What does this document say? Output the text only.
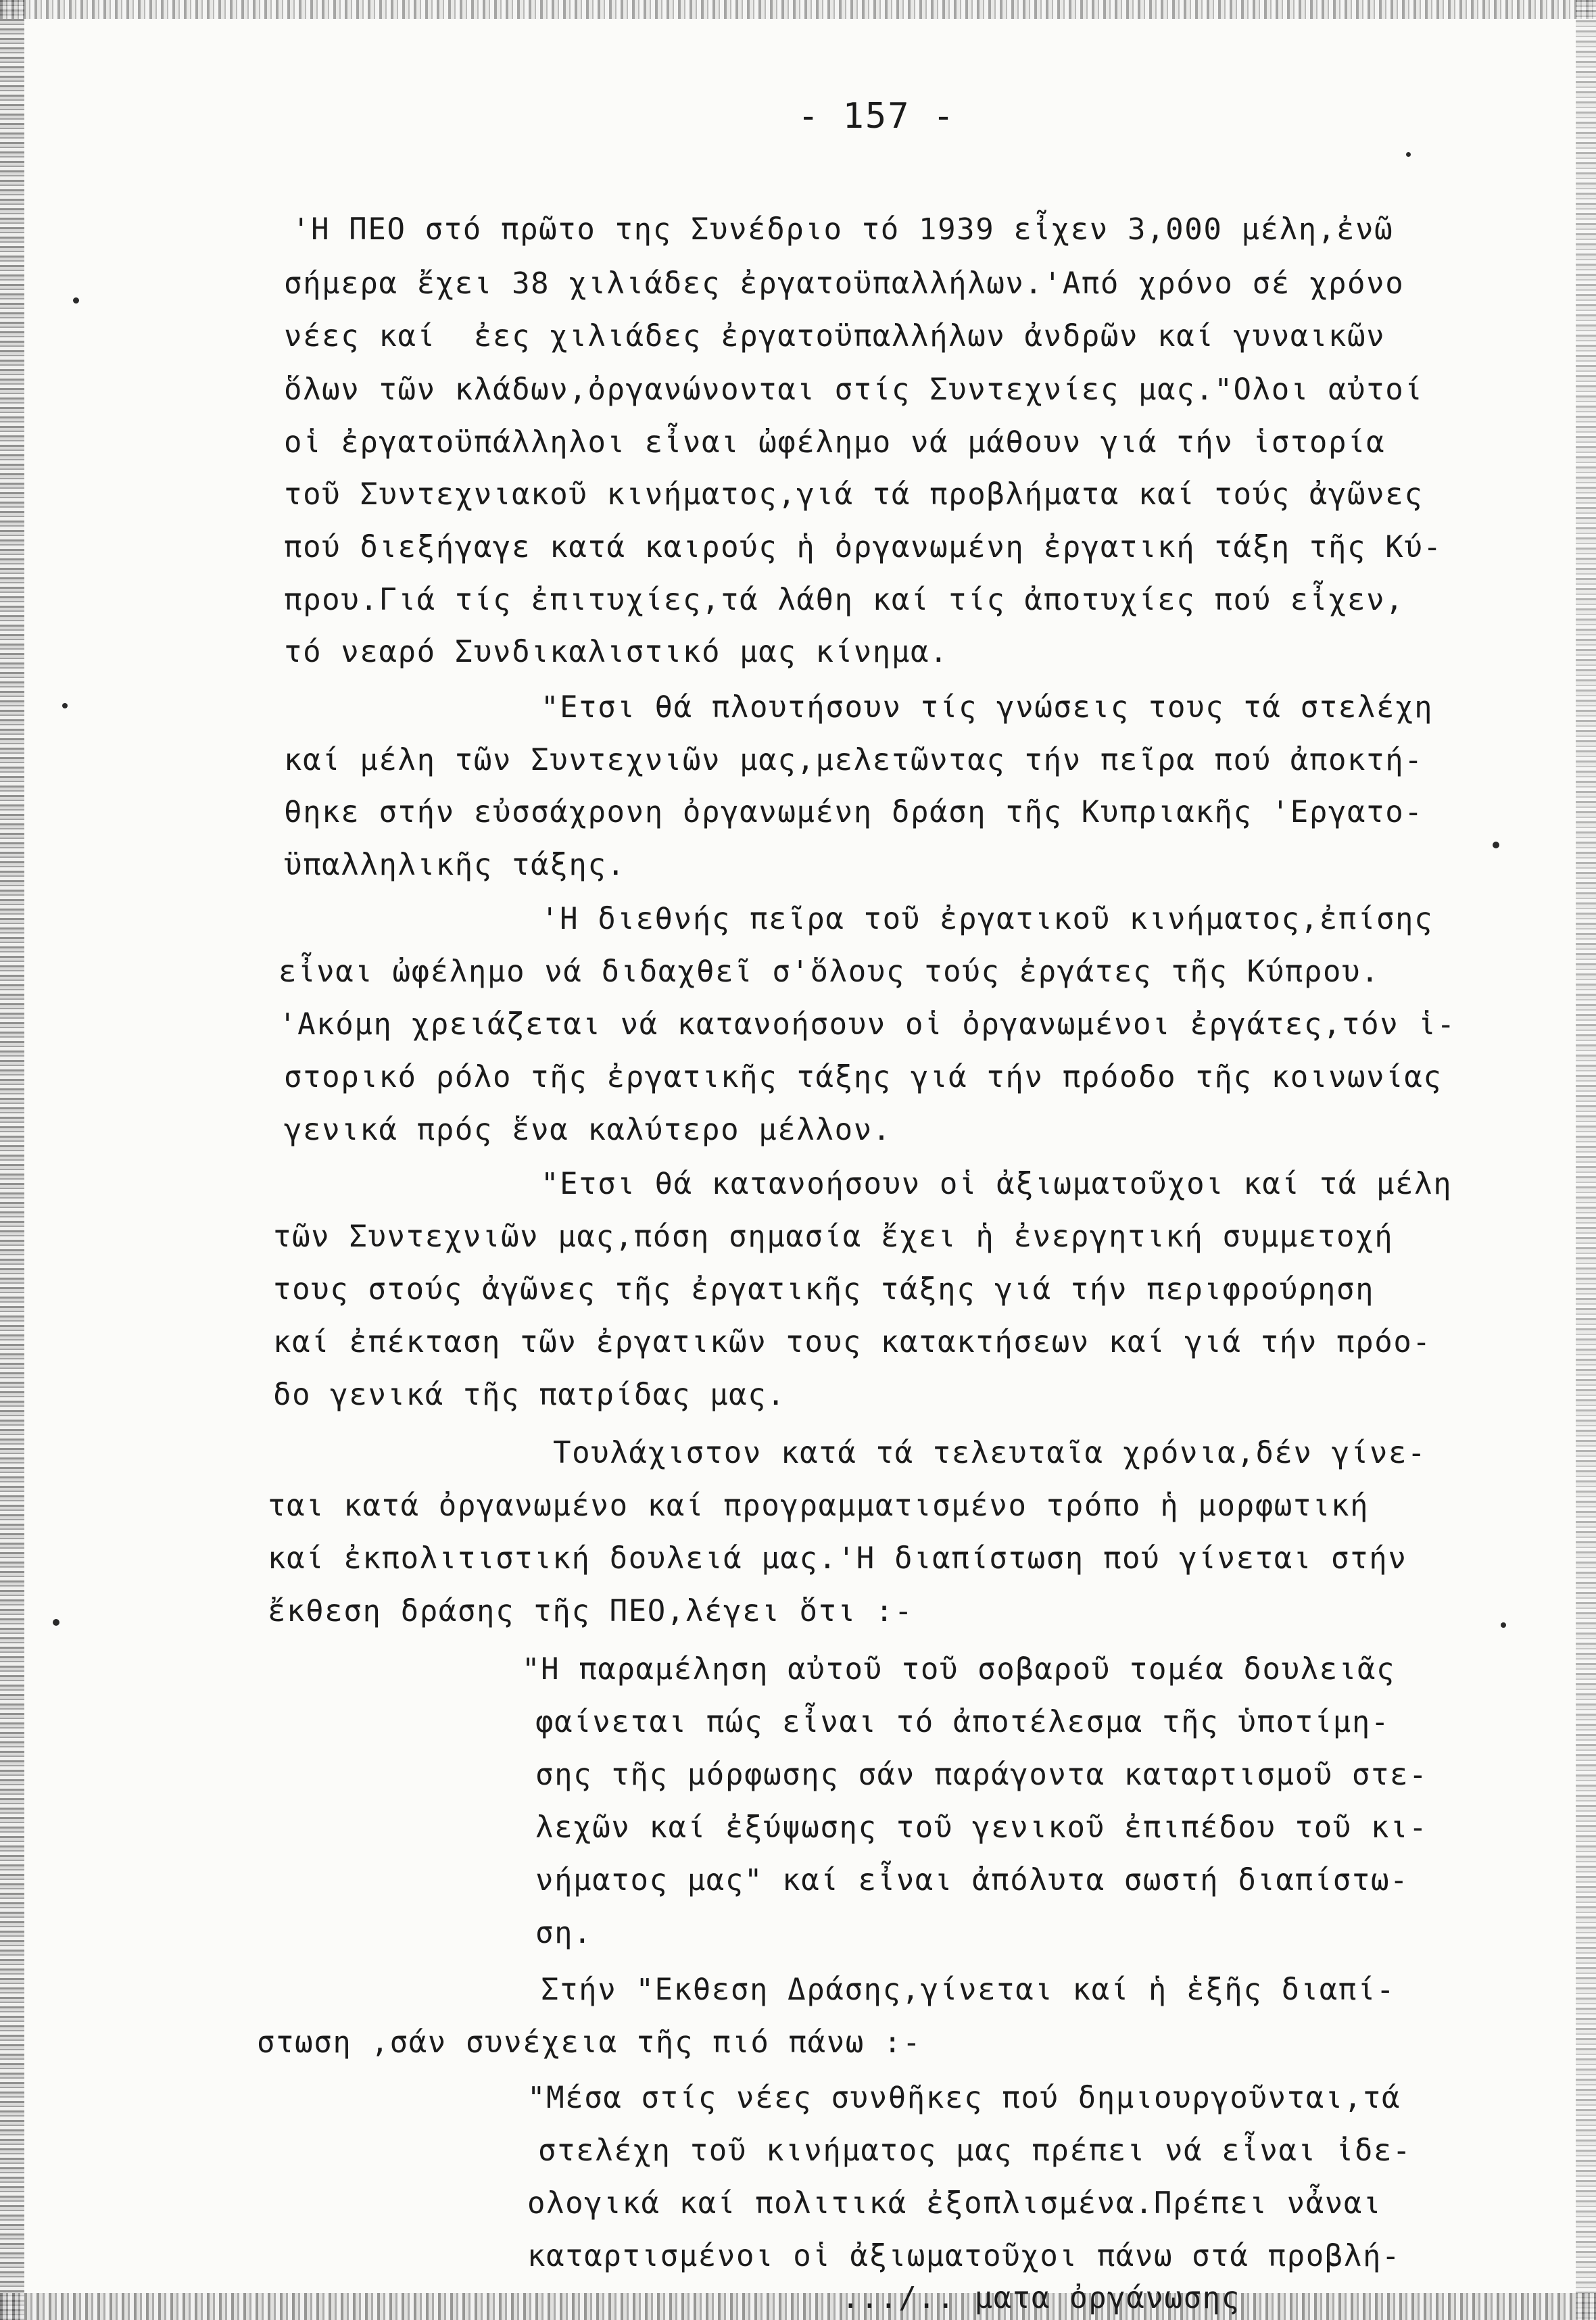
- 157 -
'Η ΠΕΟ στό πρῶτο της Συνέδριο τό 1939 εἶχεν 3,000 μέλη,ἐνῶ
σήμερα ἔχει 38 χιλιάδες ἐργατοϋπαλλήλων.'Από χρόνο σέ χρόνο
νέες καί  ἐες χιλιάδες ἐργατοϋπαλλήλων ἀνδρῶν καί γυναικῶν
ὅλων τῶν κλάδων,ὀργανώνονται στίς Συντεχνίες μας."Ολοι αὐτοί
οἱ ἐργατοϋπάλληλοι εἶναι ὠφέλημο νά μάθουν γιά τήν ἱστορία
τοῦ Συντεχνιακοῦ κινήματος,γιά τά προβλήματα καί τούς ἀγῶνες
πού διεξήγαγε κατά καιρούς ἡ ὀργανωμένη ἐργατική τάξη τῆς Κύ-
πρου.Γιά τίς ἐπιτυχίες,τά λάθη καί τίς ἀποτυχίες πού εἶχεν,
τό νεαρό Συνδικαλιστικό μας κίνημα.
"Ετσι θά πλουτήσουν τίς γνώσεις τους τά στελέχη
καί μέλη τῶν Συντεχνιῶν μας,μελετῶντας τήν πεῖρα πού ἀποκτή-
θηκε στήν εὐσσάχρονη ὀργανωμένη δράση τῆς Κυπριακῆς 'Εργατο-
ϋπαλληλικῆς τάξης.
'Η διεθνής πεῖρα τοῦ ἐργατικοῦ κινήματος,ἐπίσης
εἶναι ὠφέλημο νά διδαχθεῖ σ'ὅλους τούς ἐργάτες τῆς Κύπρου.
'Ακόμη χρειάζεται νά κατανοήσουν οἱ ὀργανωμένοι ἐργάτες,τόν ἱ-
στορικό ρόλο τῆς ἐργατικῆς τάξης γιά τήν πρόοδο τῆς κοινωνίας
γενικά πρός ἕνα καλύτερο μέλλον.
"Ετσι θά κατανοήσουν οἱ ἀξιωματοῦχοι καί τά μέλη
τῶν Συντεχνιῶν μας,πόση σημασία ἔχει ἡ ἐνεργητική συμμετοχή
τους στούς ἀγῶνες τῆς ἐργατικῆς τάξης γιά τήν περιφρούρηση
καί ἐπέκταση τῶν ἐργατικῶν τους κατακτήσεων καί γιά τήν πρόο-
δο γενικά τῆς πατρίδας μας.
Τουλάχιστον κατά τά τελευταῖα χρόνια,δέν γίνε-
ται κατά ὀργανωμένο καί προγραμματισμένο τρόπο ἡ μορφωτική
καί ἐκπολιτιστική δουλειά μας.'Η διαπίστωση πού γίνεται στήν
ἔκθεση δράσης τῆς ΠΕΟ,λέγει ὅτι :-
"Η παραμέληση αὐτοῦ τοῦ σοβαροῦ τομέα δουλειᾶς
φαίνεται πώς εἶναι τό ἀποτέλεσμα τῆς ὑποτίμη-
σης τῆς μόρφωσης σάν παράγοντα καταρτισμοῦ στε-
λεχῶν καί ἐξύψωσης τοῦ γενικοῦ ἐπιπέδου τοῦ κι-
νήματος μας" καί εἶναι ἀπόλυτα σωστή διαπίστω-
ση.
Στήν "Εκθεση Δράσης,γίνεται καί ἡ ἑξῆς διαπί-
στωση ,σάν συνέχεια τῆς πιό πάνω :-
"Μέσα στίς νέες συνθῆκες πού δημιουργοῦνται,τά
στελέχη τοῦ κινήματος μας πρέπει νά εἶναι ἰδε-
ολογικά καί πολιτικά ἐξοπλισμένα.Πρέπει νἆναι
καταρτισμένοι οἱ ἀξιωματοῦχοι πάνω στά προβλή-
.../.. ματα ὀργάνωσης
